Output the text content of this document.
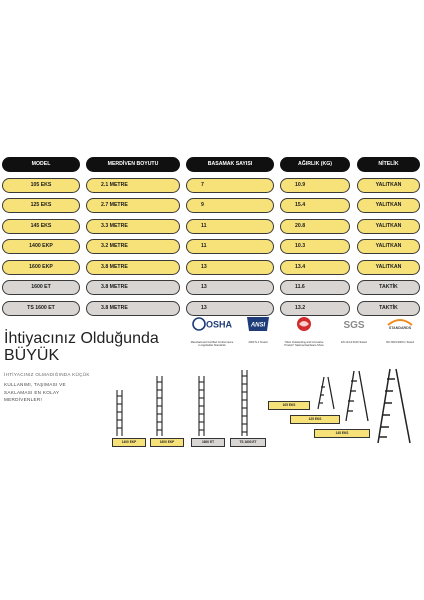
MODEL	MERDİVEN BOYUTU	BASAMAK SAYISI	AĞIRLIK (KG)	NİTELİK
105 EKS	2.1 METRE	7	10.9	YALITKAN
125 EKS	2.7 METRE	9	15.4	YALITKAN
145 EKS	3.3 METRE	11	20.8	YALITKAN
1400 EKP	3.2 METRE	11	10.3	YALITKAN
1600 EKP	3.8 METRE	13	13.4	YALITKAN
1600 ET	3.8 METRE	13	11.6	TAKTİK
TS 1600 ET	3.8 METRE	13	13.2	TAKTİK
OSHA
Manufactured Certified Conformance to Applicable Standards
ANSI
2000 N-1 Tested	"Most Outstanding and Innovative Product" National Hardware Show
SGS
EN 131-6:2019 Tested
STANDARDS
ISO 9001:9000-1 Tested
İhtiyacınız Olduğunda
BÜYÜK
İHTİYACINIZ OLMADIĞINDA KÜÇÜK
KULLANIMI, TAŞIMASI VE SAKLAMASI EN KOLAY MERDİVENLER!
1400 EKP	1600 EKP	1600 ET	TS 1600 ET
105 EKS
125 EKS
145 EKS
